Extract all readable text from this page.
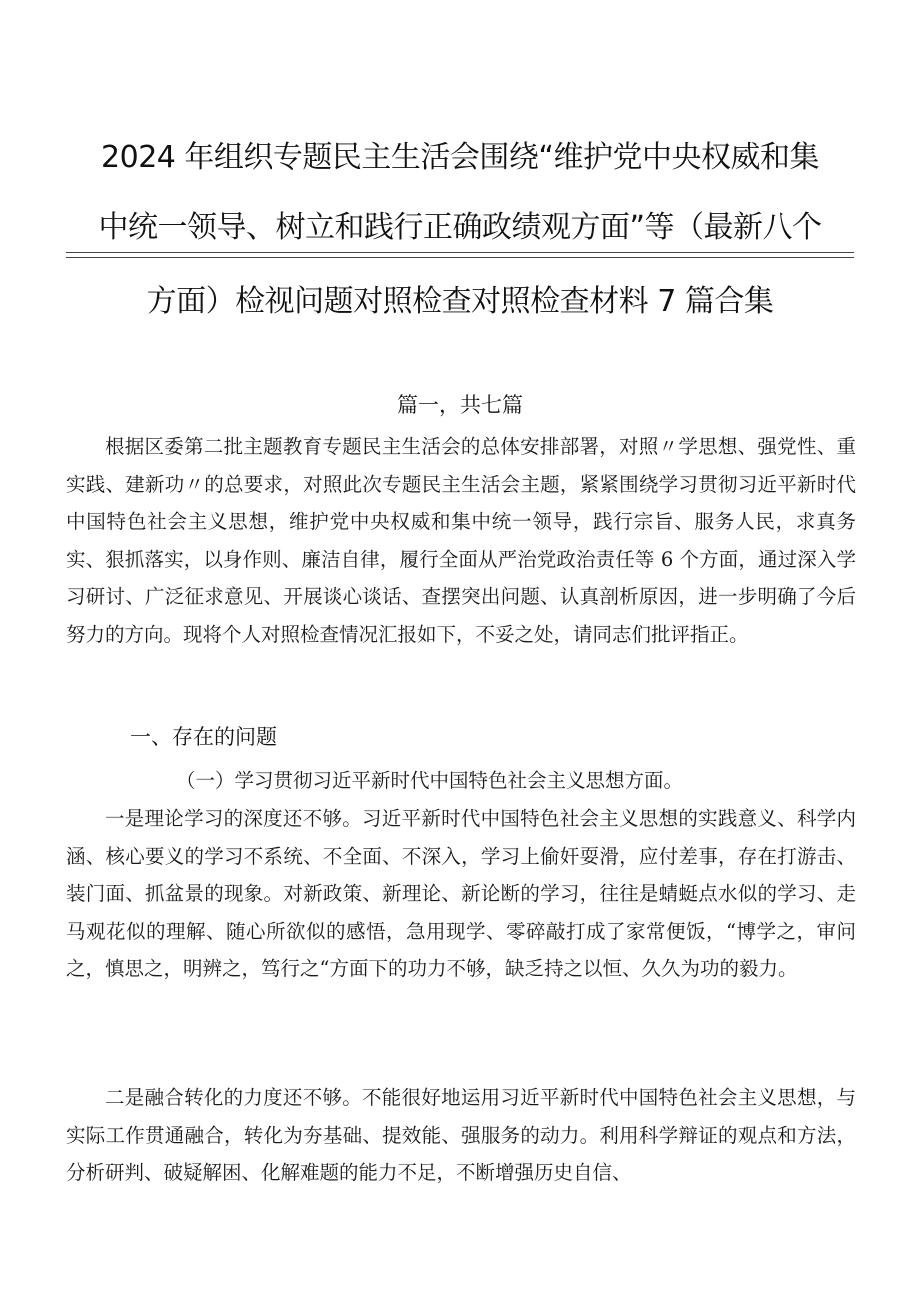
2024 年组织专题民主生活会围绕“维护党中央权威和集
中统一领导、树立和践行正确政绩观方面”等（最新八个
方面）检视问题对照检查对照检查材料 7 篇合集
篇一，共七篇

根据区委第二批主题教育专题民主生活会的总体安排部署，对照〃学思想、强党性、重实践、建新功〃的总要求，对照此次专题民主生活会主题，紧紧围绕学习贯彻习近平新时代中国特色社会主义思想，维护党中央权威和集中统一领导，践行宗旨、服务人民，求真务实、狠抓落实，以身作则、廉洁自律，履行全面从严治党政治责任等 6 个方面，通过深入学习研讨、广泛征求意见、开展谈心谈话、查摆突出问题、认真剖析原因，进一步明确了今后努力的方向。现将个人对照检查情况汇报如下，不妥之处，请同志们批评指正。

一、存在的问题
（一）学习贯彻习近平新时代中国特色社会主义思想方面。

一是理论学习的深度还不够。习近平新时代中国特色社会主义思想的实践意义、科学内涵、核心要义的学习不系统、不全面、不深入，学习上偷奸耍滑，应付差事，存在打游击、装门面、抓盆景的现象。对新政策、新理论、新论断的学习，往往是蜻蜓点水似的学习、走马观花似的理解、随心所欲似的感悟，急用现学、零碎敲打成了家常便饭，“博学之，审问之，慎思之，明辨之，笃行之“方面下的功力不够，缺乏持之以恒、久久为功的毅力。

二是融合转化的力度还不够。不能很好地运用习近平新时代中国特色社会主义思想，与实际工作贯通融合，转化为夯基础、提效能、强服务的动力。利用科学辩证的观点和方法，分析研判、破疑解困、化解难题的能力不足，不断增强历史自信、
